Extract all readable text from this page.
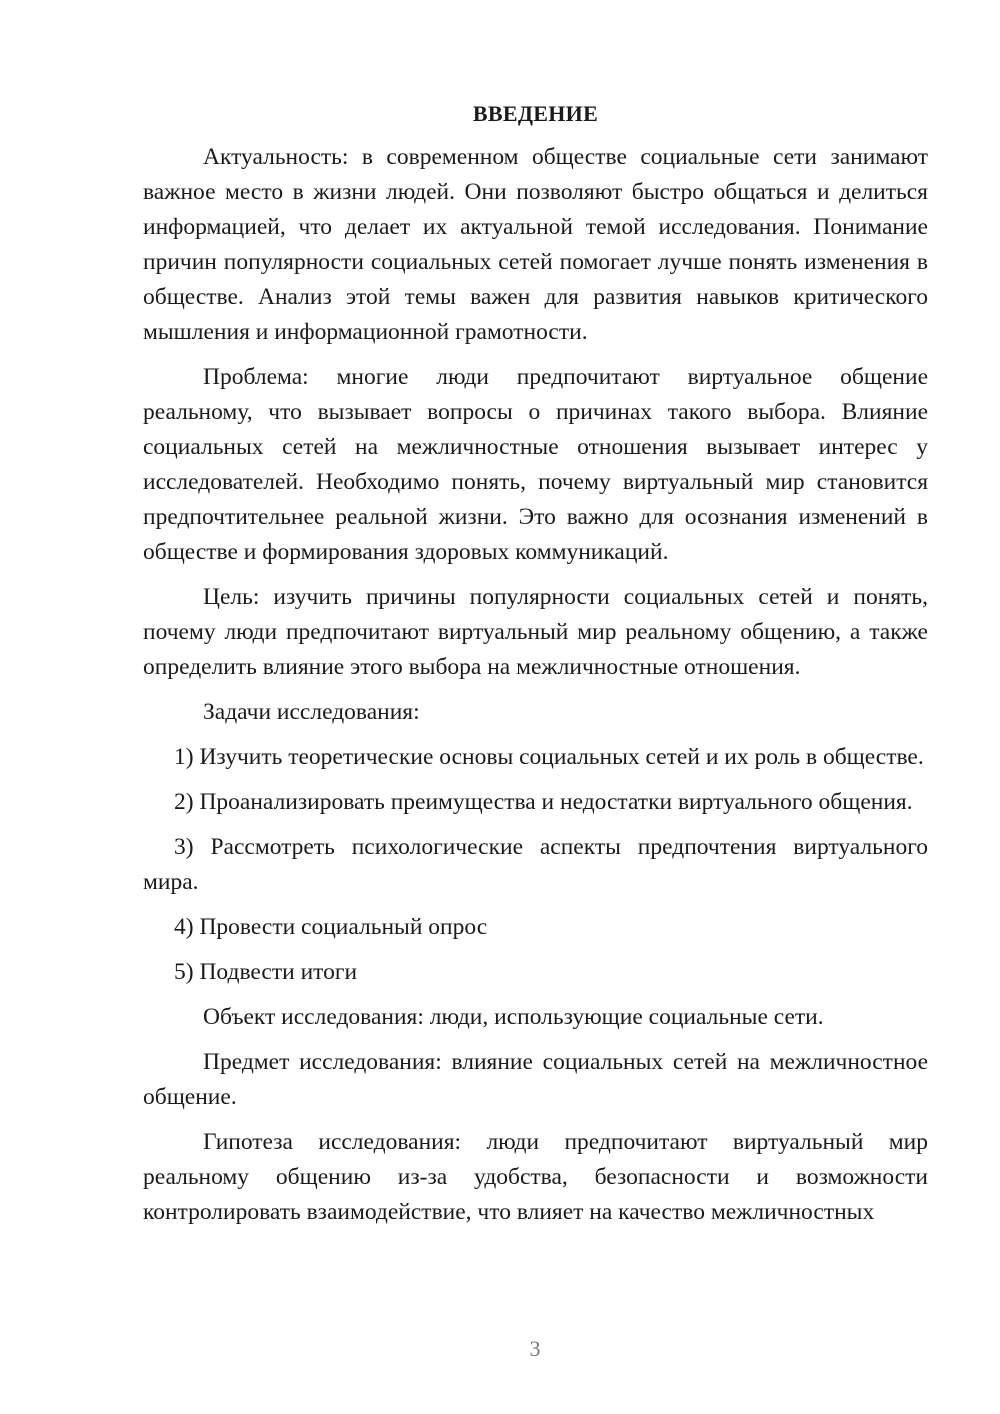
ВВЕДЕНИЕ

Актуальность: в современном обществе социальные сети занимают важное место в жизни людей. Они позволяют быстро общаться и делиться информацией, что делает их актуальной темой исследования. Понимание причин популярности социальных сетей помогает лучше понять изменения в обществе. Анализ этой темы важен для развития навыков критического мышления и информационной грамотности.

Проблема: многие люди предпочитают виртуальное общение реальному, что вызывает вопросы о причинах такого выбора. Влияние социальных сетей на межличностные отношения вызывает интерес у исследователей. Необходимо понять, почему виртуальный мир становится предпочтительнее реальной жизни. Это важно для осознания изменений в обществе и формирования здоровых коммуникаций.

Цель: изучить причины популярности социальных сетей и понять, почему люди предпочитают виртуальный мир реальному общению, а также определить влияние этого выбора на межличностные отношения.

Задачи исследования:

1) Изучить теоретические основы социальных сетей и их роль в обществе.

2) Проанализировать преимущества и недостатки виртуального общения.

3) Рассмотреть психологические аспекты предпочтения виртуального мира.

4) Провести социальный опрос

5) Подвести итоги

Объект исследования: люди, использующие социальные сети.

Предмет исследования: влияние социальных сетей на межличностное общение.

Гипотеза исследования: люди предпочитают виртуальный мир реальному общению из-за удобства, безопасности и возможности контролировать взаимодействие, что влияет на качество межличностных

3
